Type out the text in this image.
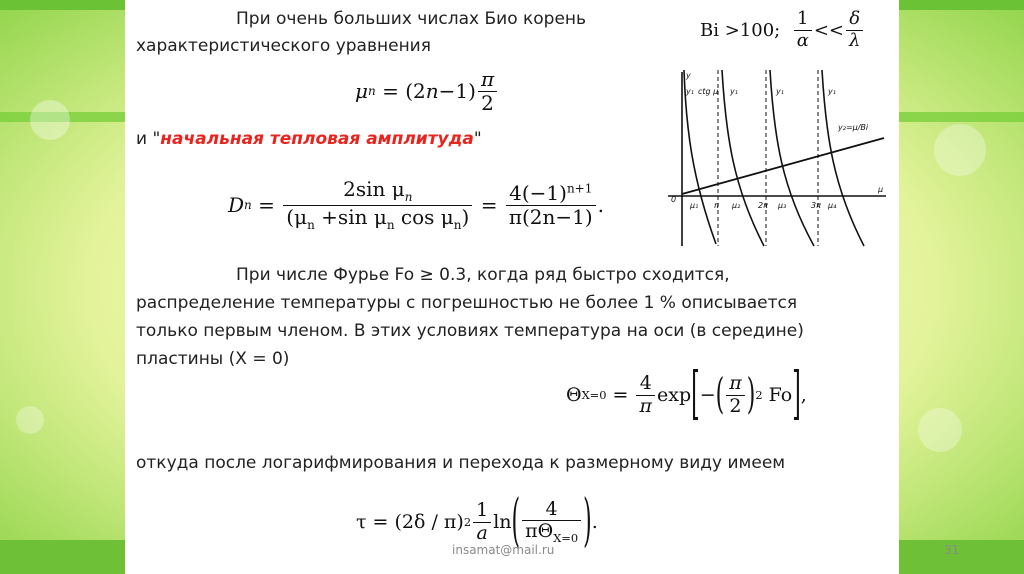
При очень больших числах Био корень
характеристического уравнения
Bi
>100;
$\frac{1}{\alpha} << \frac{\delta}{\lambda}$
μ n
= (2 $n -1) \frac{\pi}{2}$
и "начальная тепловая амплитуда"
D $n = \frac{2\sin \mu_n}{(\mu_n +\sin \mu_n \cos \mu_n)} = \frac{4(-1)^{n+1}}{\pi(2n-1)}$ .
При числе Фурье Fo ≥ 0.3, когда ряд быстро сходится,
распределение температуры с погрешностью не более 1 % описывается
только первым членом. В этих условиях температура на оси (в середине)
пластины (X = 0)
Θ $X=0 = \frac{4}{\pi}$ exp [ − ( $\frac{\pi}{2}$ ) 2
Fo ] ,
откуда после логарифмирования и перехода к размерному виду имеем
τ = (2δ / π) $2 \frac{1}{a}$ ln ( $\frac{4}{\pi\Theta_{X=0}}$ ) .
insamat@mail.ru	31
y
μ
0
y₁ ctg μ y₁	y₁	y₁
y₂=μ/Bi
μ₁ π μ₂ 2π μ₃	3π μ₄
